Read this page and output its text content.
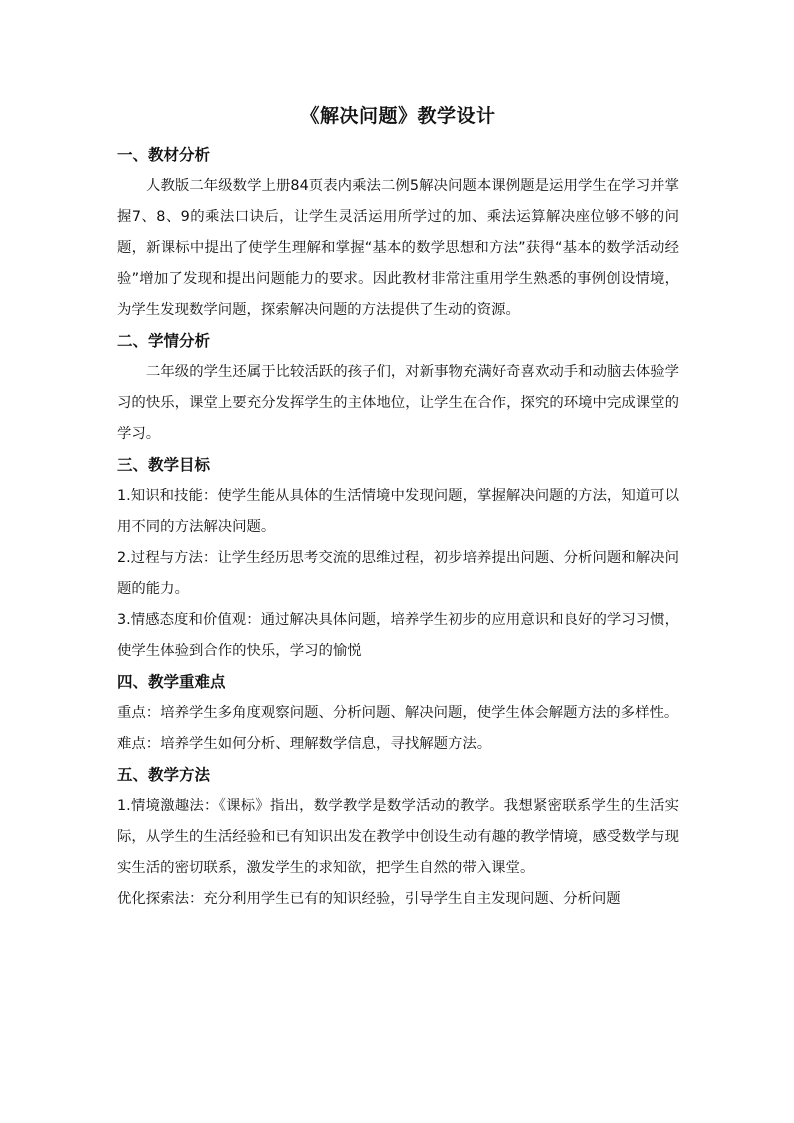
《解决问题》教学设计
一、教材分析

人教版二年级数学上册84页表内乘法二例5解决问题本课例题是运用学生在学习并掌握7、8、9的乘法口诀后，让学生灵活运用所学过的加、乘法运算解决座位够不够的问题，新课标中提出了使学生理解和掌握“基本的数学思想和方法”获得“基本的数学活动经验”增加了发现和提出问题能力的要求。因此教材非常注重用学生熟悉的事例创设情境，为学生发现数学问题，探索解决问题的方法提供了生动的资源。

二、学情分析

二年级的学生还属于比较活跃的孩子们，对新事物充满好奇喜欢动手和动脑去体验学习的快乐，课堂上要充分发挥学生的主体地位，让学生在合作，探究的环境中完成课堂的学习。

三、教学目标

1.知识和技能：使学生能从具体的生活情境中发现问题，掌握解决问题的方法，知道可以用不同的方法解决问题。

2.过程与方法：让学生经历思考交流的思维过程，初步培养提出问题、分析问题和解决问题的能力。

3.情感态度和价值观：通过解决具体问题，培养学生初步的应用意识和良好的学习习惯，使学生体验到合作的快乐，学习的愉悦

四、教学重难点

重点：培养学生多角度观察问题、分析问题、解决问题，使学生体会解题方法的多样性。

难点：培养学生如何分析、理解数学信息，寻找解题方法。

五、教学方法

1.情境激趣法：《课标》指出，数学教学是数学活动的教学。我想紧密联系学生的生活实际，从学生的生活经验和已有知识出发在教学中创设生动有趣的教学情境，感受数学与现实生活的密切联系，激发学生的求知欲，把学生自然的带入课堂。

优化探索法：充分利用学生已有的知识经验，引导学生自主发现问题、分析问题
